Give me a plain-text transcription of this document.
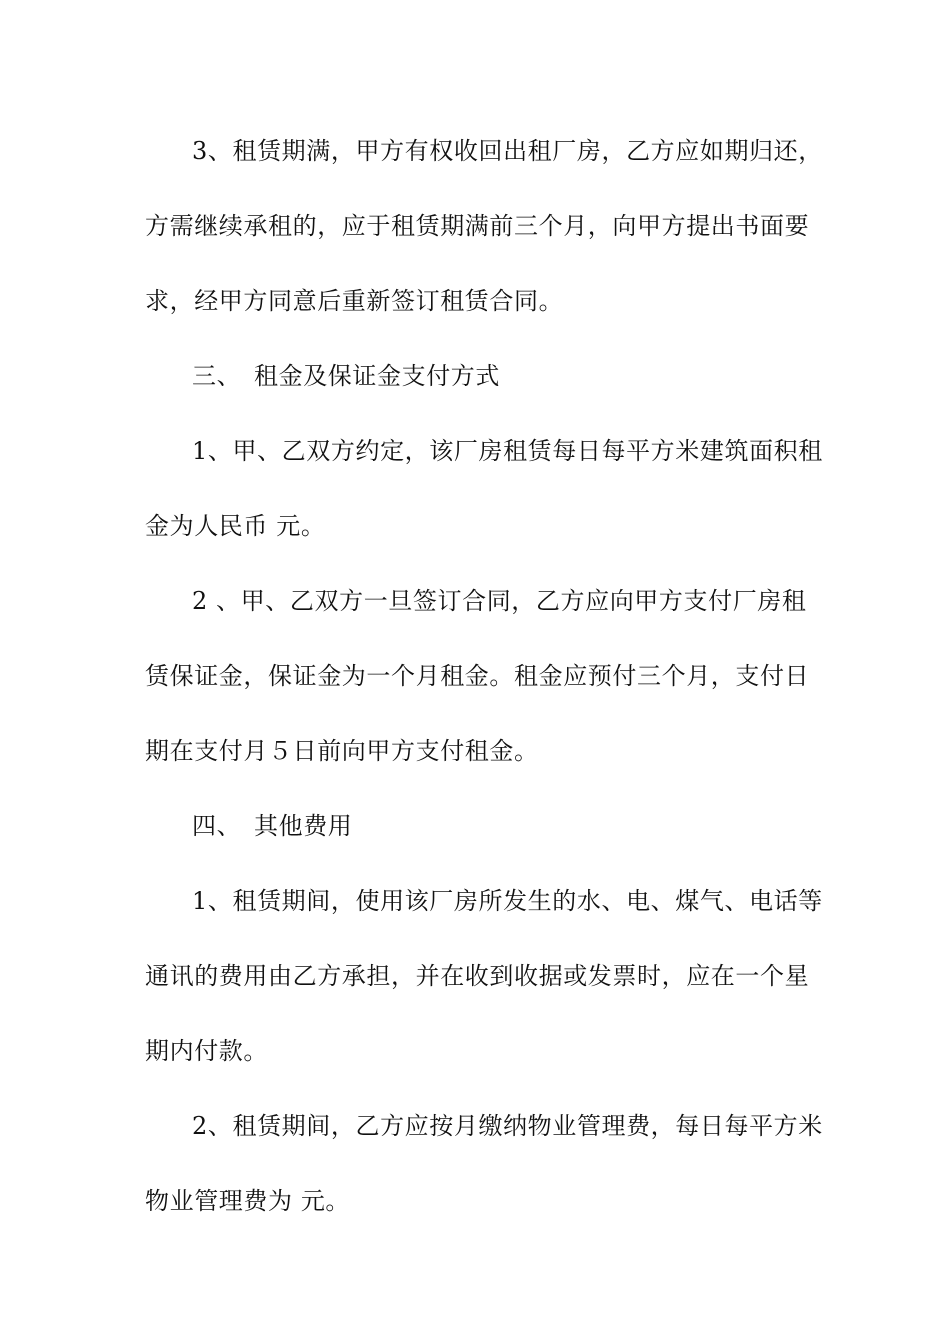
3、租赁期满，甲方有权收回出租厂房，乙方应如期归还，
方需继续承租的，应于租赁期满前三个月，向甲方提出书面要
求，经甲方同意后重新签订租赁合同。
三、 租金及保证金支付方式
1、甲、乙双方约定，该厂房租赁每日每平方米建筑面积租
金为人民币 元。
2 、甲、乙双方一旦签订合同，乙方应向甲方支付厂房租
赁保证金，保证金为一个月租金。租金应预付三个月，支付日
期在支付月５日前向甲方支付租金。
四、 其他费用
1、租赁期间，使用该厂房所发生的水、电、煤气、电话等
通讯的费用由乙方承担，并在收到收据或发票时，应在一个星
期内付款。
2、租赁期间，乙方应按月缴纳物业管理费，每日每平方米
物业管理费为 元。
